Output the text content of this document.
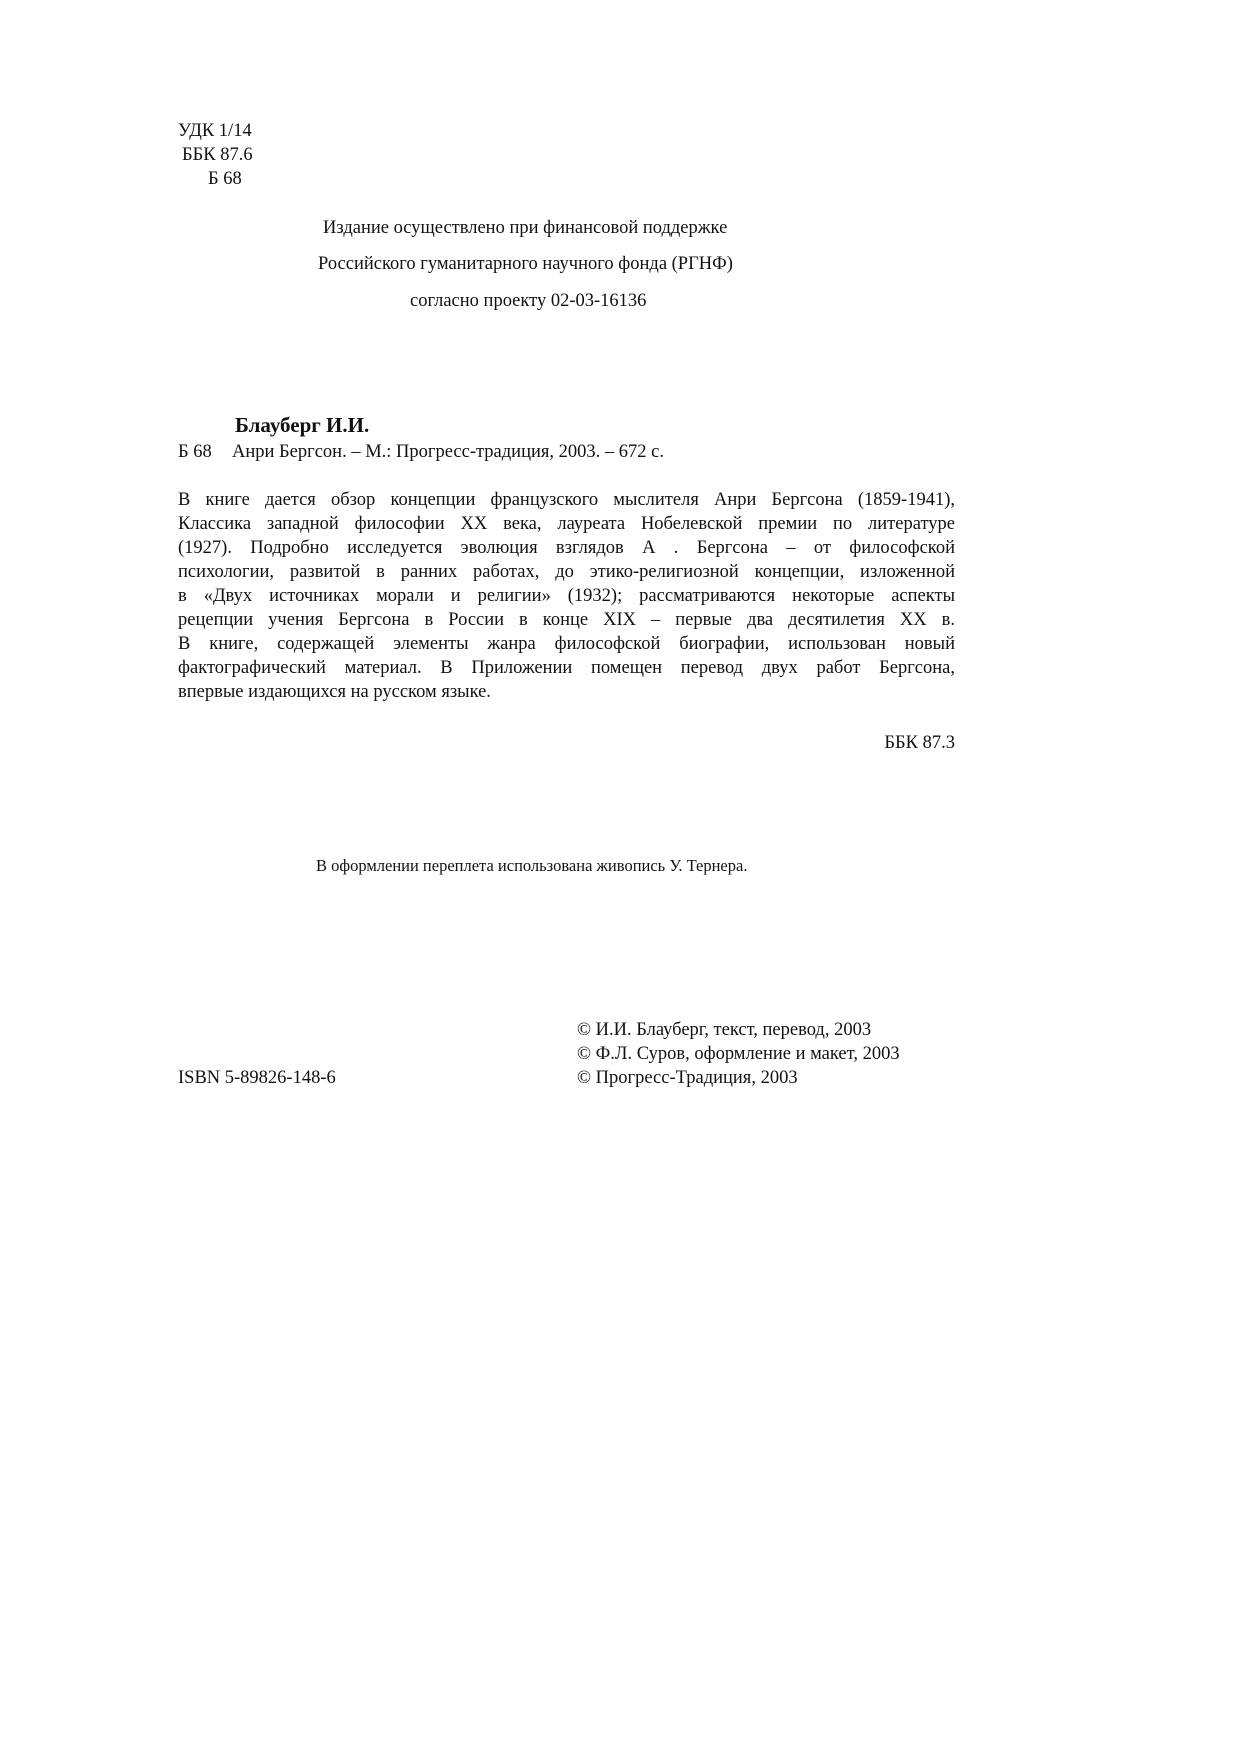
УДК 1/14
ББК 87.6
Б 68
Издание осуществлено при финансовой поддержке
Российского гуманитарного научного фонда (РГНФ)
согласно проекту 02-03-16136
Блауберг И.И.
Б 68 Анри Бергсон. – М.: Прогресс-традиция, 2003. – 672 с.
В книге дается обзор концепции французского мыслителя Анри Бергсона (1859-1941),
Классика западной философии XX века, лауреата Нобелевской премии по литературе
(1927). Подробно исследуется эволюция взглядов А . Бергсона – от философской
психологии, развитой в ранних работах, до этико-религиозной концепции, изложенной
в «Двух источниках морали и религии» (1932); рассматриваются некоторые аспекты
рецепции учения Бергсона в России в конце XIX – первые два десятилетия XX в.
В книге, содержащей элементы жанра философской биографии, использован новый
фактографический материал. В Приложении помещен перевод двух работ Бергсона,
впервые издающихся на русском языке.
ББК 87.3
В оформлении переплета использована живопись У. Тернера.
© И.И. Блауберг, текст, перевод, 2003
© Ф.Л. Суров, оформление и макет, 2003
© Прогресс-Традиция, 2003
ISBN 5-89826-148-6
